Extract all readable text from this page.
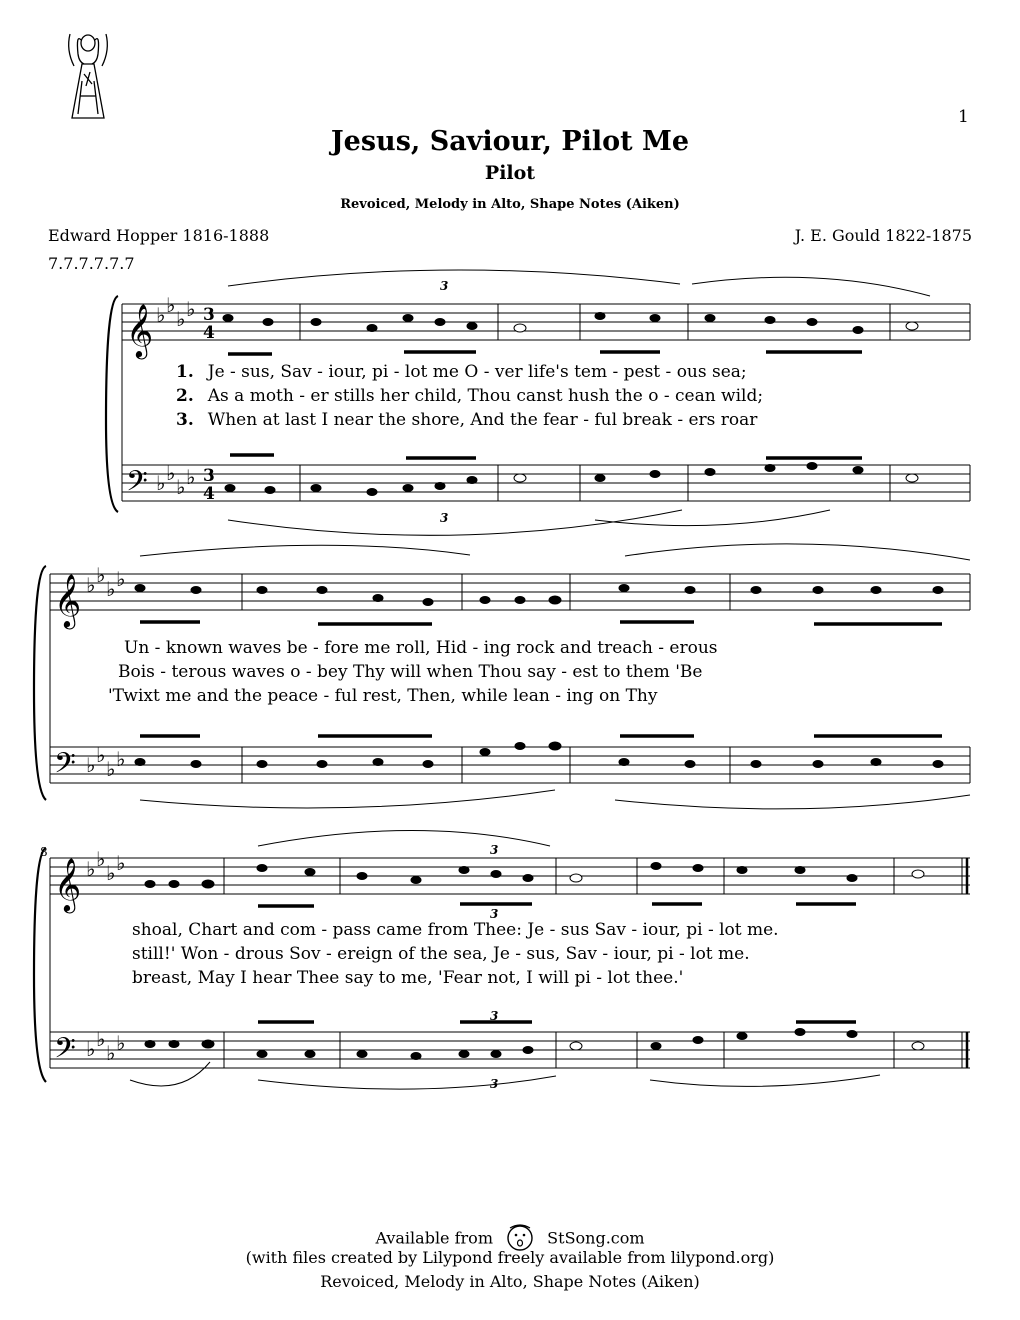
1
Jesus, Saviour, Pilot Me
Pilot
Revoiced, Melody in Alto, Shape Notes (Aiken)
Edward Hopper 1816-1888
7.7.7.7.7.7
J. E. Gould 1822-1875
𝄞
𝄢
𝄞
𝄢
𝄞
𝄢
♭ ♭
♭ ♭
♭ ♭
♭ ♭
♭ ♭
♭ ♭
♭ ♭
♭ ♭
♭ ♭
♭ ♭
♭ ♭
♭ ♭
3
4
3
4
8
3
3
3
3
3
3
1. Je - sus, Sav - iour, pi - lot me O - ver life's tem - pest - ous sea;
2. As a moth - er stills her child, Thou canst hush the o - cean wild;
3. When at last I near the shore, And the fear - ful break - ers roar
Un - known waves be - fore me roll, Hid - ing rock and treach - erous
Bois - terous waves o - bey Thy will when Thou say - est to them 'Be
'Twixt me and the peace - ful rest, Then, while lean - ing on Thy
shoal, Chart and com - pass came from Thee: Je - sus Sav - iour, pi - lot me.
still!' Won - drous Sov - ereign of the sea, Je - sus, Sav - iour, pi - lot me.
breast, May I hear Thee say to me, 'Fear not, I will pi - lot thee.'
Available from	StSong.com
(with files created by Lilypond freely available from lilypond.org)
Revoiced, Melody in Alto, Shape Notes (Aiken)
